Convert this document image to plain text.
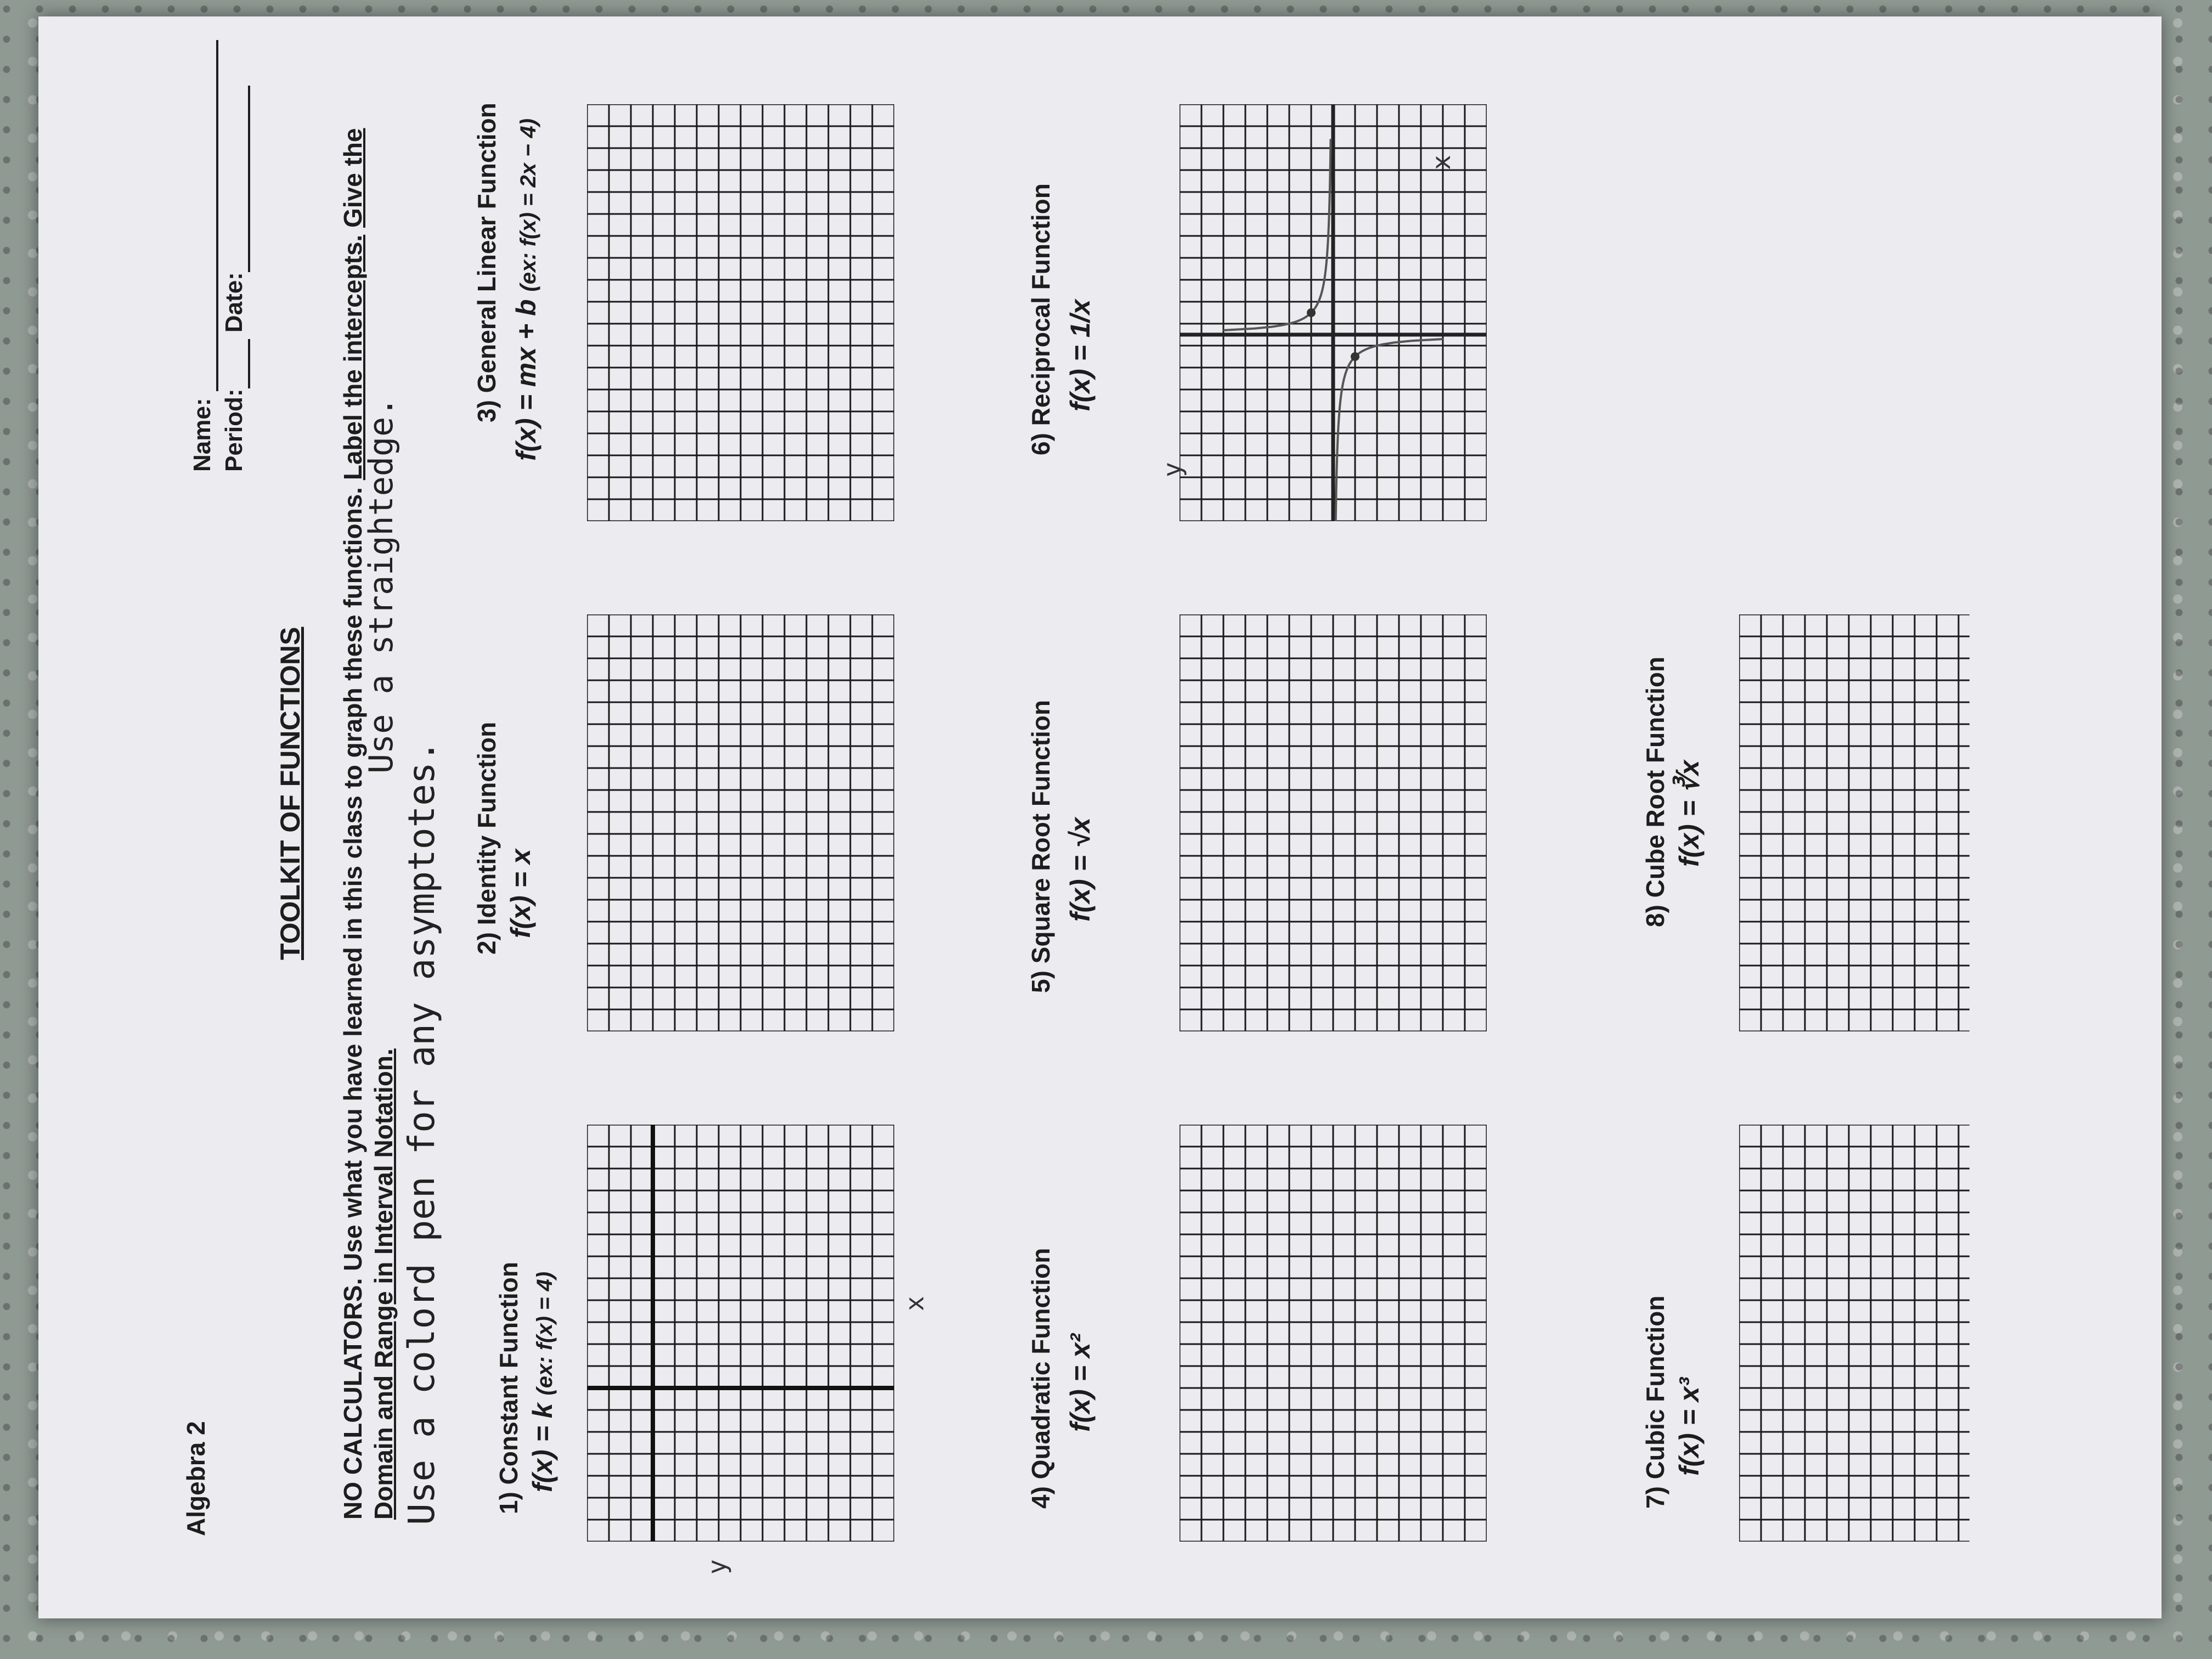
Algebra 2
Name: Period: Date:
TOOLKIT OF FUNCTIONS NO CALCULATORS. Use what you have learned in this class to graph these functions. Label the intercepts. Give the Domain and Range in Interval Notation.
Use a straightedge.
Use a colord pen for any asymptotes. 1) Constant Function f(x) = k (ex: f(x) = 4)
2) Identity Function f(x) = x
3) General Linear Function f(x) = mx + b (ex: f(x) = 2x − 4)
x
y
4) Quadratic Function f(x) = x²
5) Square Root Function f(x) = √x
6) Reciprocal Function f(x) = 1/x
x
y
7) Cubic Function f(x) = x³
8) Cube Root Function f(x) = ∛x
